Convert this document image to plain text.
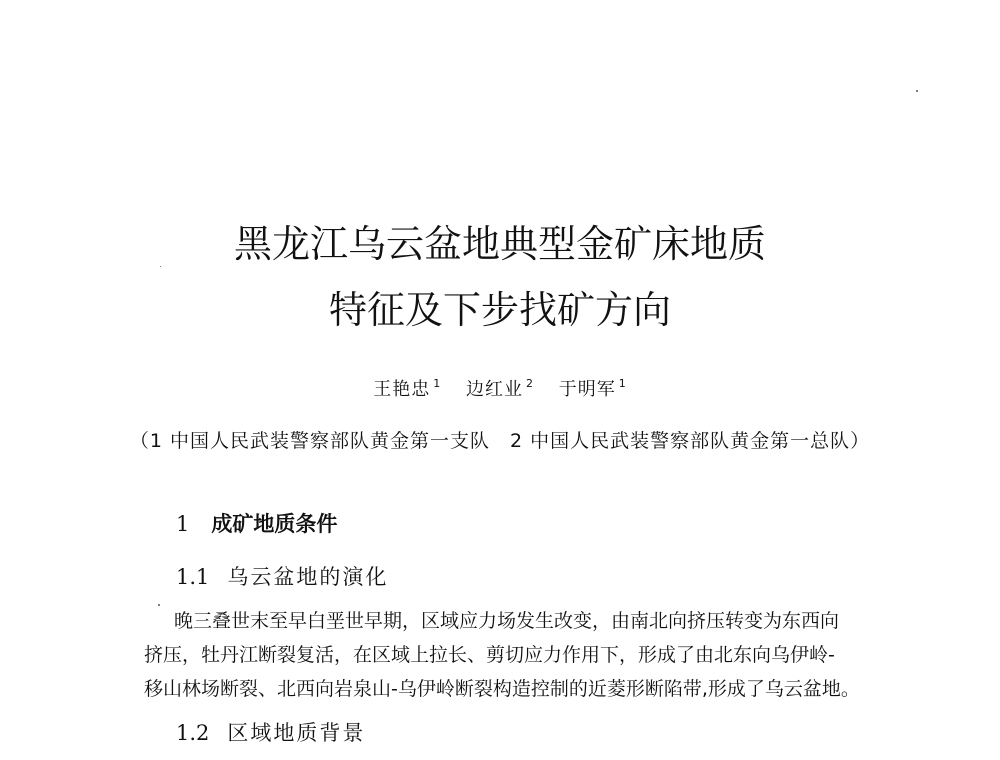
黑龙江乌云盆地典型金矿床地质
特征及下步找矿方向
王艳忠 $^1$ 边红业 $^2$ 于明军 $^1$
（1 中国人民武装警察部队黄金第一支队　2 中国人民武装警察部队黄金第一总队）
1 成矿地质条件
1.1 乌云盆地的演化
晚三叠世末至早白垩世早期，区域应力场发生改变，由南北向挤压转变为东西向
挤压，牡丹江断裂复活，在区域上拉长、剪切应力作用下，形成了由北东向乌伊岭-
移山林场断裂、北西向岩泉山-乌伊岭断裂构造控制的近菱形断陷带,形成了乌云盆地。
1.2 区域地质背景
